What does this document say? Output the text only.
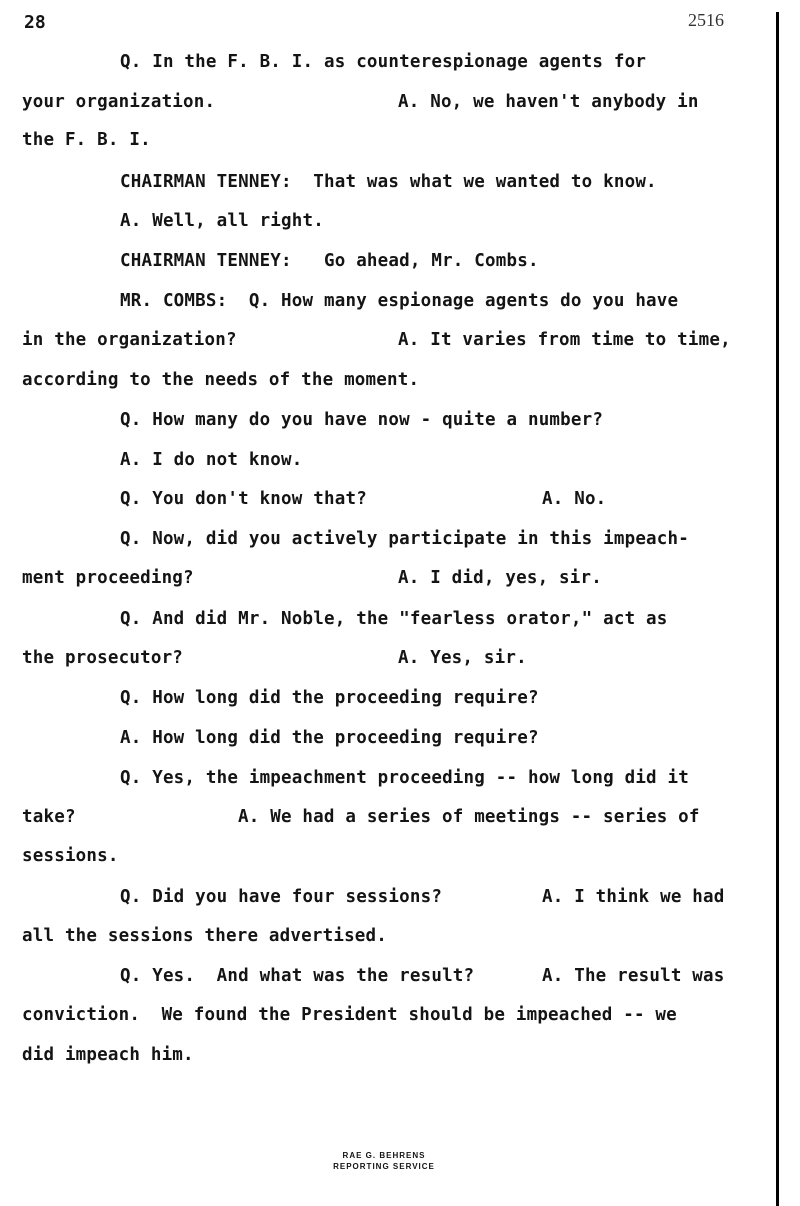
28	2516
Q. In the F. B. I. as counterespionage agents for
your organization.	A. No, we haven't anybody in
the F. B. I.
CHAIRMAN TENNEY:  That was what we wanted to know.
A. Well, all right.
CHAIRMAN TENNEY:   Go ahead, Mr. Combs.
MR. COMBS:  Q. How many espionage agents do you have
in the organization?	A. It varies from time to time,
according to the needs of the moment.
Q. How many do you have now - quite a number?
A. I do not know.
Q. You don't know that?	A. No.
Q. Now, did you actively participate in this impeach-
ment proceeding?	A. I did, yes, sir.
Q. And did Mr. Noble, the "fearless orator," act as
the prosecutor?	A. Yes, sir.
Q. How long did the proceeding require?
A. How long did the proceeding require?
Q. Yes, the impeachment proceeding -- how long did it
take?	A. We had a series of meetings -- series of
sessions.
Q. Did you have four sessions?	A. I think we had
all the sessions there advertised.
Q. Yes.  And what was the result?	A. The result was
conviction.  We found the President should be impeached -- we
did impeach him.
RAE G. BEHRENS
REPORTING SERVICE
